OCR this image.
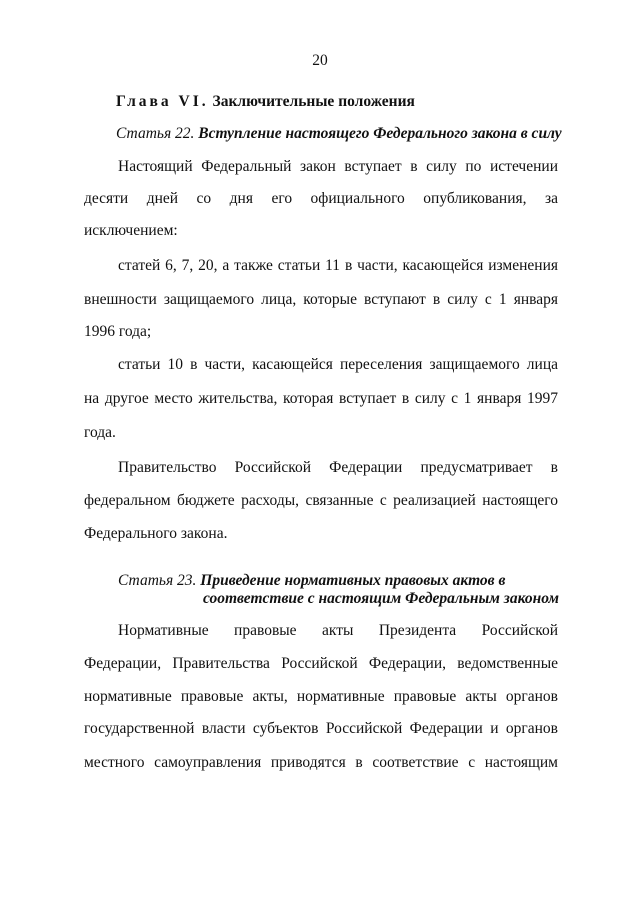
20
Глава VI. Заключительные положения
Статья 22. Вступление настоящего Федерального закона в силу
Настоящий Федеральный закон вступает в силу по истечении
десяти дней со дня его официального опубликования, за
исключением:
статей 6, 7, 20, а также статьи 11 в части, касающейся изменения
внешности защищаемого лица, которые вступают в силу с 1 января
1996 года;
статьи 10 в части, касающейся переселения защищаемого лица
на другое место жительства, которая вступает в силу с 1 января 1997
года.
Правительство Российской Федерации предусматривает в
федеральном бюджете расходы, связанные с реализацией настоящего
Федерального закона.
Статья 23. Приведение нормативных правовых актов в
соответствие с настоящим Федеральным законом
Нормативные правовые акты Президента Российской
Федерации, Правительства Российской Федерации, ведомственные
нормативные правовые акты, нормативные правовые акты органов
государственной власти субъектов Российской Федерации и органов
местного самоуправления приводятся в соответствие с настоящим
